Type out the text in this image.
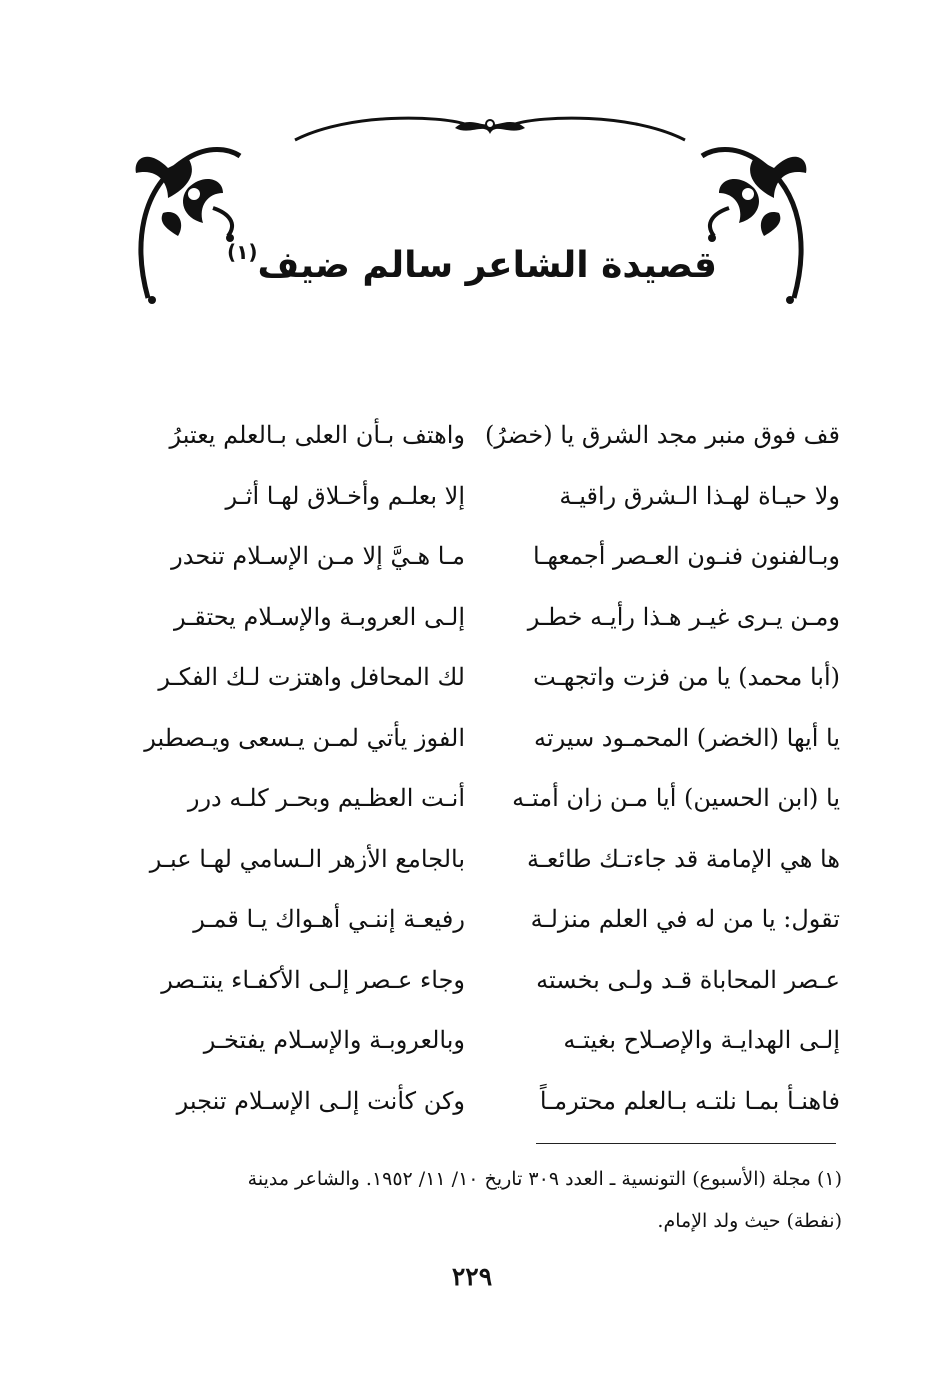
قصيدة الشاعر سالم ضيف$^{(١)}$
قف فوق منبر مجد الشرق يا (خضرُ)
واهتف بـأن العلى بـالعلم يعتبرُ
ولا حيـاة لهـذا الـشرق راقيـة
إلا بعلـم وأخـلاق لهـا أثـر
وبـالفنون فنـون العـصر أجمعهـا
مـا هـيَّ إلا مـن الإسـلام تنحدر
ومـن يـرى غيـر هـذا رأيـه خطـر
إلـى العروبـة والإسـلام يحتقـر
(أبا محمد) يا من فزت واتجهـت
لك المحافل واهتزت لـك الفكـر
يا أيها (الخضر) المحمـود سيرته
الفوز يأتي لمـن يـسعى ويـصطبر
يا (ابن الحسين) أيا مـن زان أمتـه
أنـت العظـيم وبحـر كلـه درر
ها هي الإمامة قد جاءتـك طائعـة
بالجامع الأزهر الـسامي لهـا عبـر
تقول: يا من له في العلم منزلـة
رفيعـة إننـي أهـواك يـا قمـر
عـصر المحاباة قـد ولـى بخسته
وجاء عـصر إلـى الأكفـاء ينتـصر
إلـى الهدايـة والإصـلاح بغيتـه
وبالعروبـة والإسـلام يفتخـر
فاهنـأ بمـا نلتـه بـالعلم محترمـاً
وكن كأنت إلـى الإسـلام تنجبر
(١) مجلة (الأسبوع) التونسية ـ العدد ٣٠٩ تاريخ ١٠/ ١١/ ١٩٥٢. والشاعر مدينة
(نفطة) حيث ولد الإمام.
٢٢٩
